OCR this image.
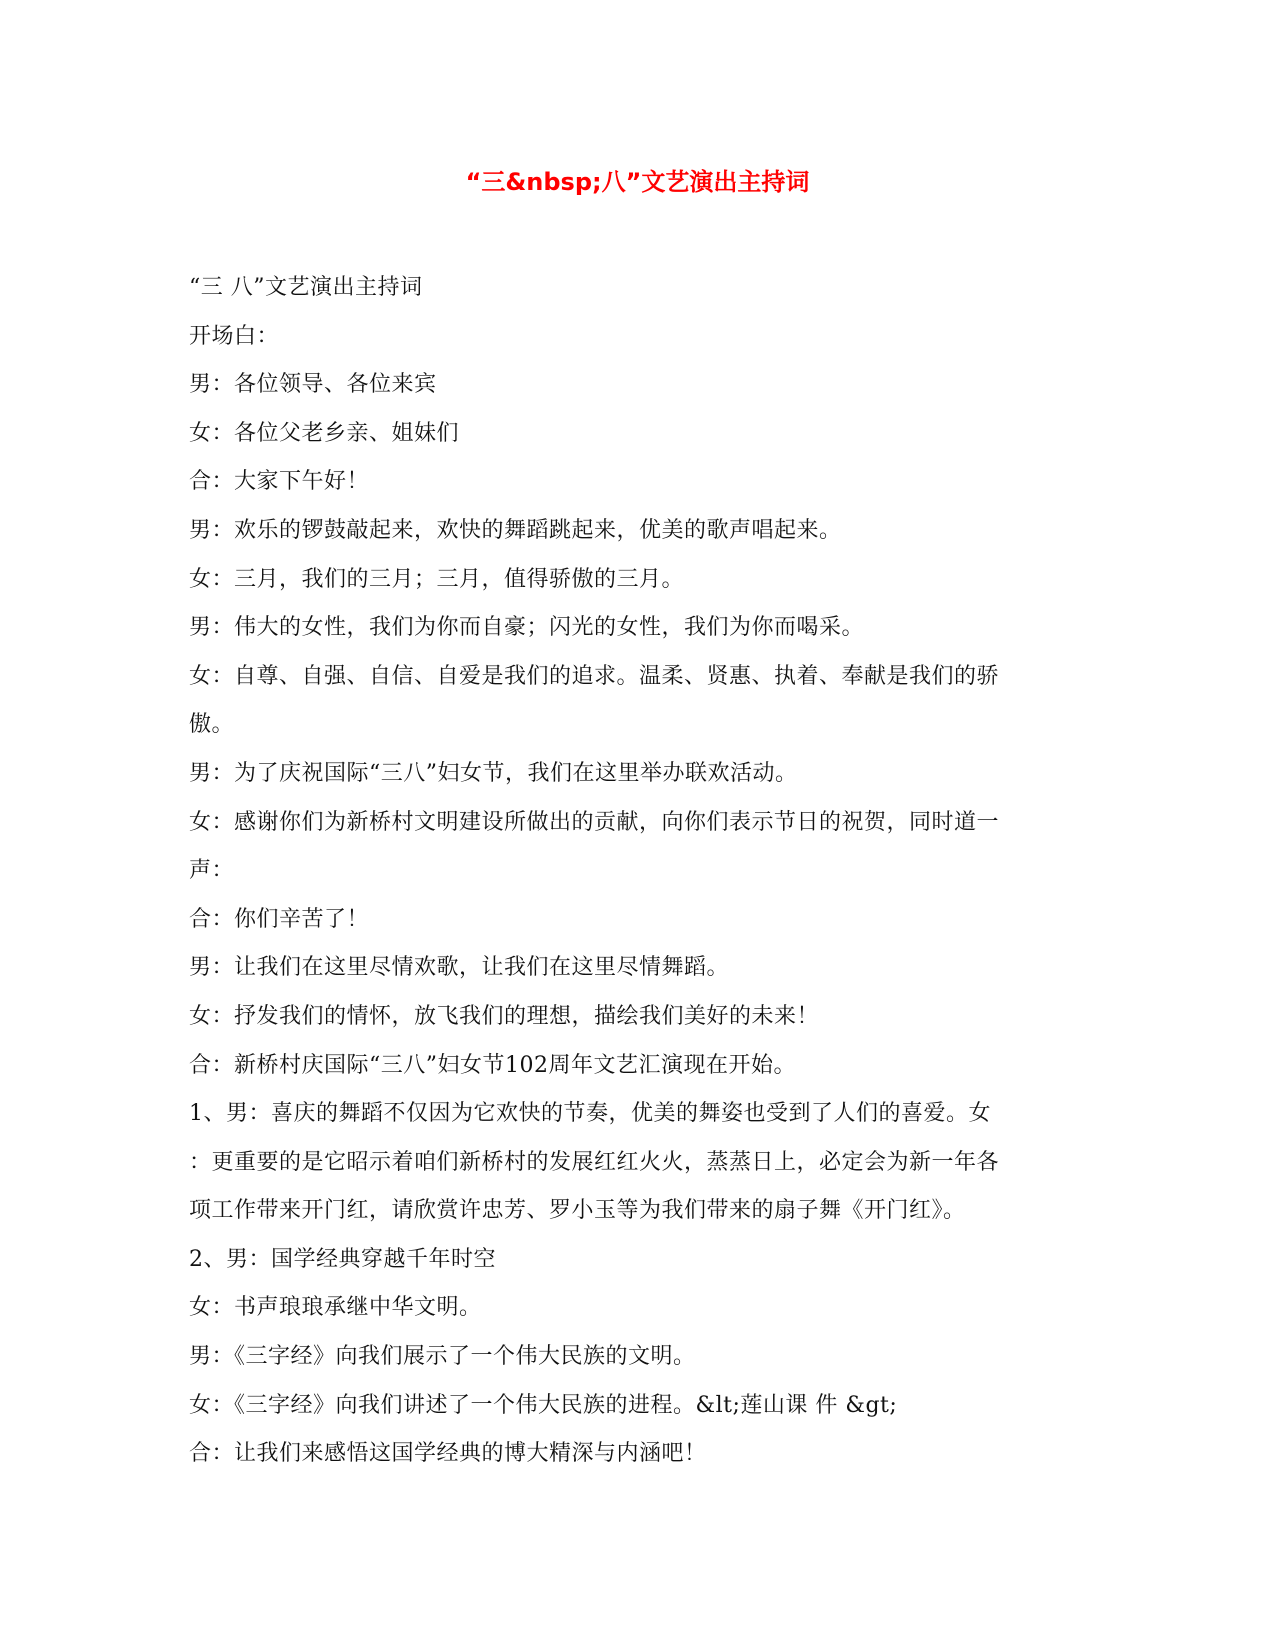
“三&nbsp;八”文艺演出主持词
“三 八”文艺演出主持词
开场白：
男：各位领导、各位来宾
女：各位父老乡亲、姐妹们
合：大家下午好！
男：欢乐的锣鼓敲起来，欢快的舞蹈跳起来，优美的歌声唱起来。
女：三月，我们的三月；三月，值得骄傲的三月。
男：伟大的女性，我们为你而自豪；闪光的女性，我们为你而喝采。
女：自尊、自强、自信、自爱是我们的追求。温柔、贤惠、执着、奉献是我们的骄
傲。
男：为了庆祝国际“三八”妇女节，我们在这里举办联欢活动。
女：感谢你们为新桥村文明建设所做出的贡献，向你们表示节日的祝贺，同时道一
声：
合：你们辛苦了！
男：让我们在这里尽情欢歌，让我们在这里尽情舞蹈。
女：抒发我们的情怀，放飞我们的理想，描绘我们美好的未来！
合：新桥村庆国际“三八”妇女节102周年文艺汇演现在开始。
1、男：喜庆的舞蹈不仅因为它欢快的节奏，优美的舞姿也受到了人们的喜爱。女
：更重要的是它昭示着咱们新桥村的发展红红火火，蒸蒸日上，必定会为新一年各
项工作带来开门红，请欣赏许忠芳、罗小玉等为我们带来的扇子舞《开门红》。
2、男：国学经典穿越千年时空
女：书声琅琅承继中华文明。
男：《三字经》向我们展示了一个伟大民族的文明。
女：《三字经》向我们讲述了一个伟大民族的进程。&lt;莲山课 件 &gt;
合：让我们来感悟这国学经典的博大精深与内涵吧！
